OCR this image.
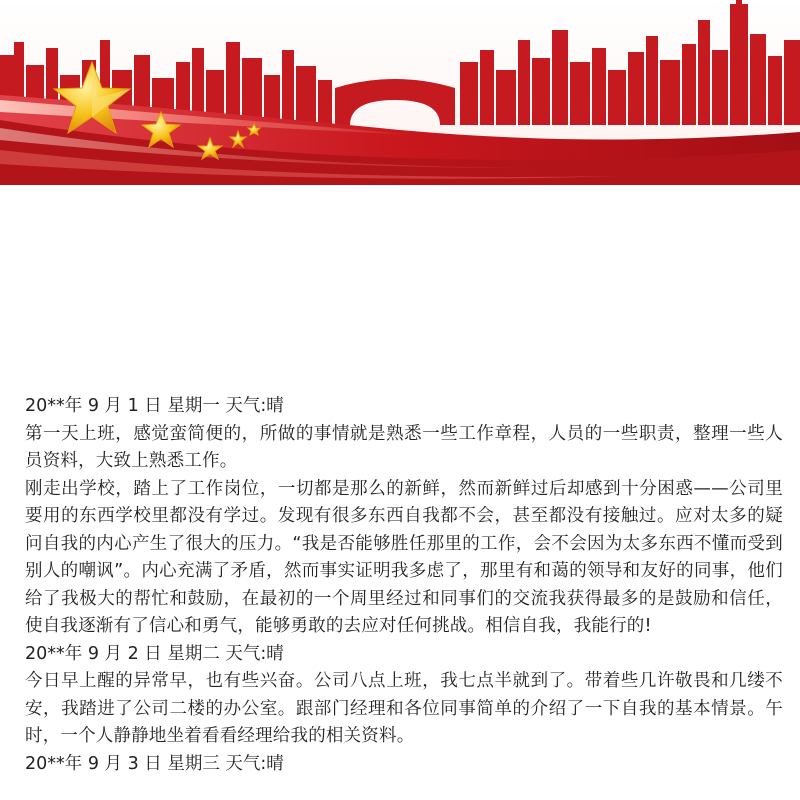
20**年 9 月 1 日 星期一 天气:晴

第一天上班，感觉蛮简便的，所做的事情就是熟悉一些工作章程，人员的一些职责，整理一些人员资料，大致上熟悉工作。

刚走出学校，踏上了工作岗位，一切都是那么的新鲜，然而新鲜过后却感到十分困惑——公司里要用的东西学校里都没有学过。发现有很多东西自我都不会，甚至都没有接触过。应对太多的疑问自我的内心产生了很大的压力。“我是否能够胜任那里的工作，会不会因为太多东西不懂而受到别人的嘲讽”。内心充满了矛盾，然而事实证明我多虑了，那里有和蔼的领导和友好的同事，他们给了我极大的帮忙和鼓励，在最初的一个周里经过和同事们的交流我获得最多的是鼓励和信任，使自我逐渐有了信心和勇气，能够勇敢的去应对任何挑战。相信自我，我能行的!

20**年 9 月 2 日 星期二 天气:晴

今日早上醒的异常早，也有些兴奋。公司八点上班，我七点半就到了。带着些几许敬畏和几缕不安，我踏进了公司二楼的办公室。跟部门经理和各位同事简单的介绍了一下自我的基本情景。午时，一个人静静地坐着看看经理给我的相关资料。

20**年 9 月 3 日 星期三 天气:晴
